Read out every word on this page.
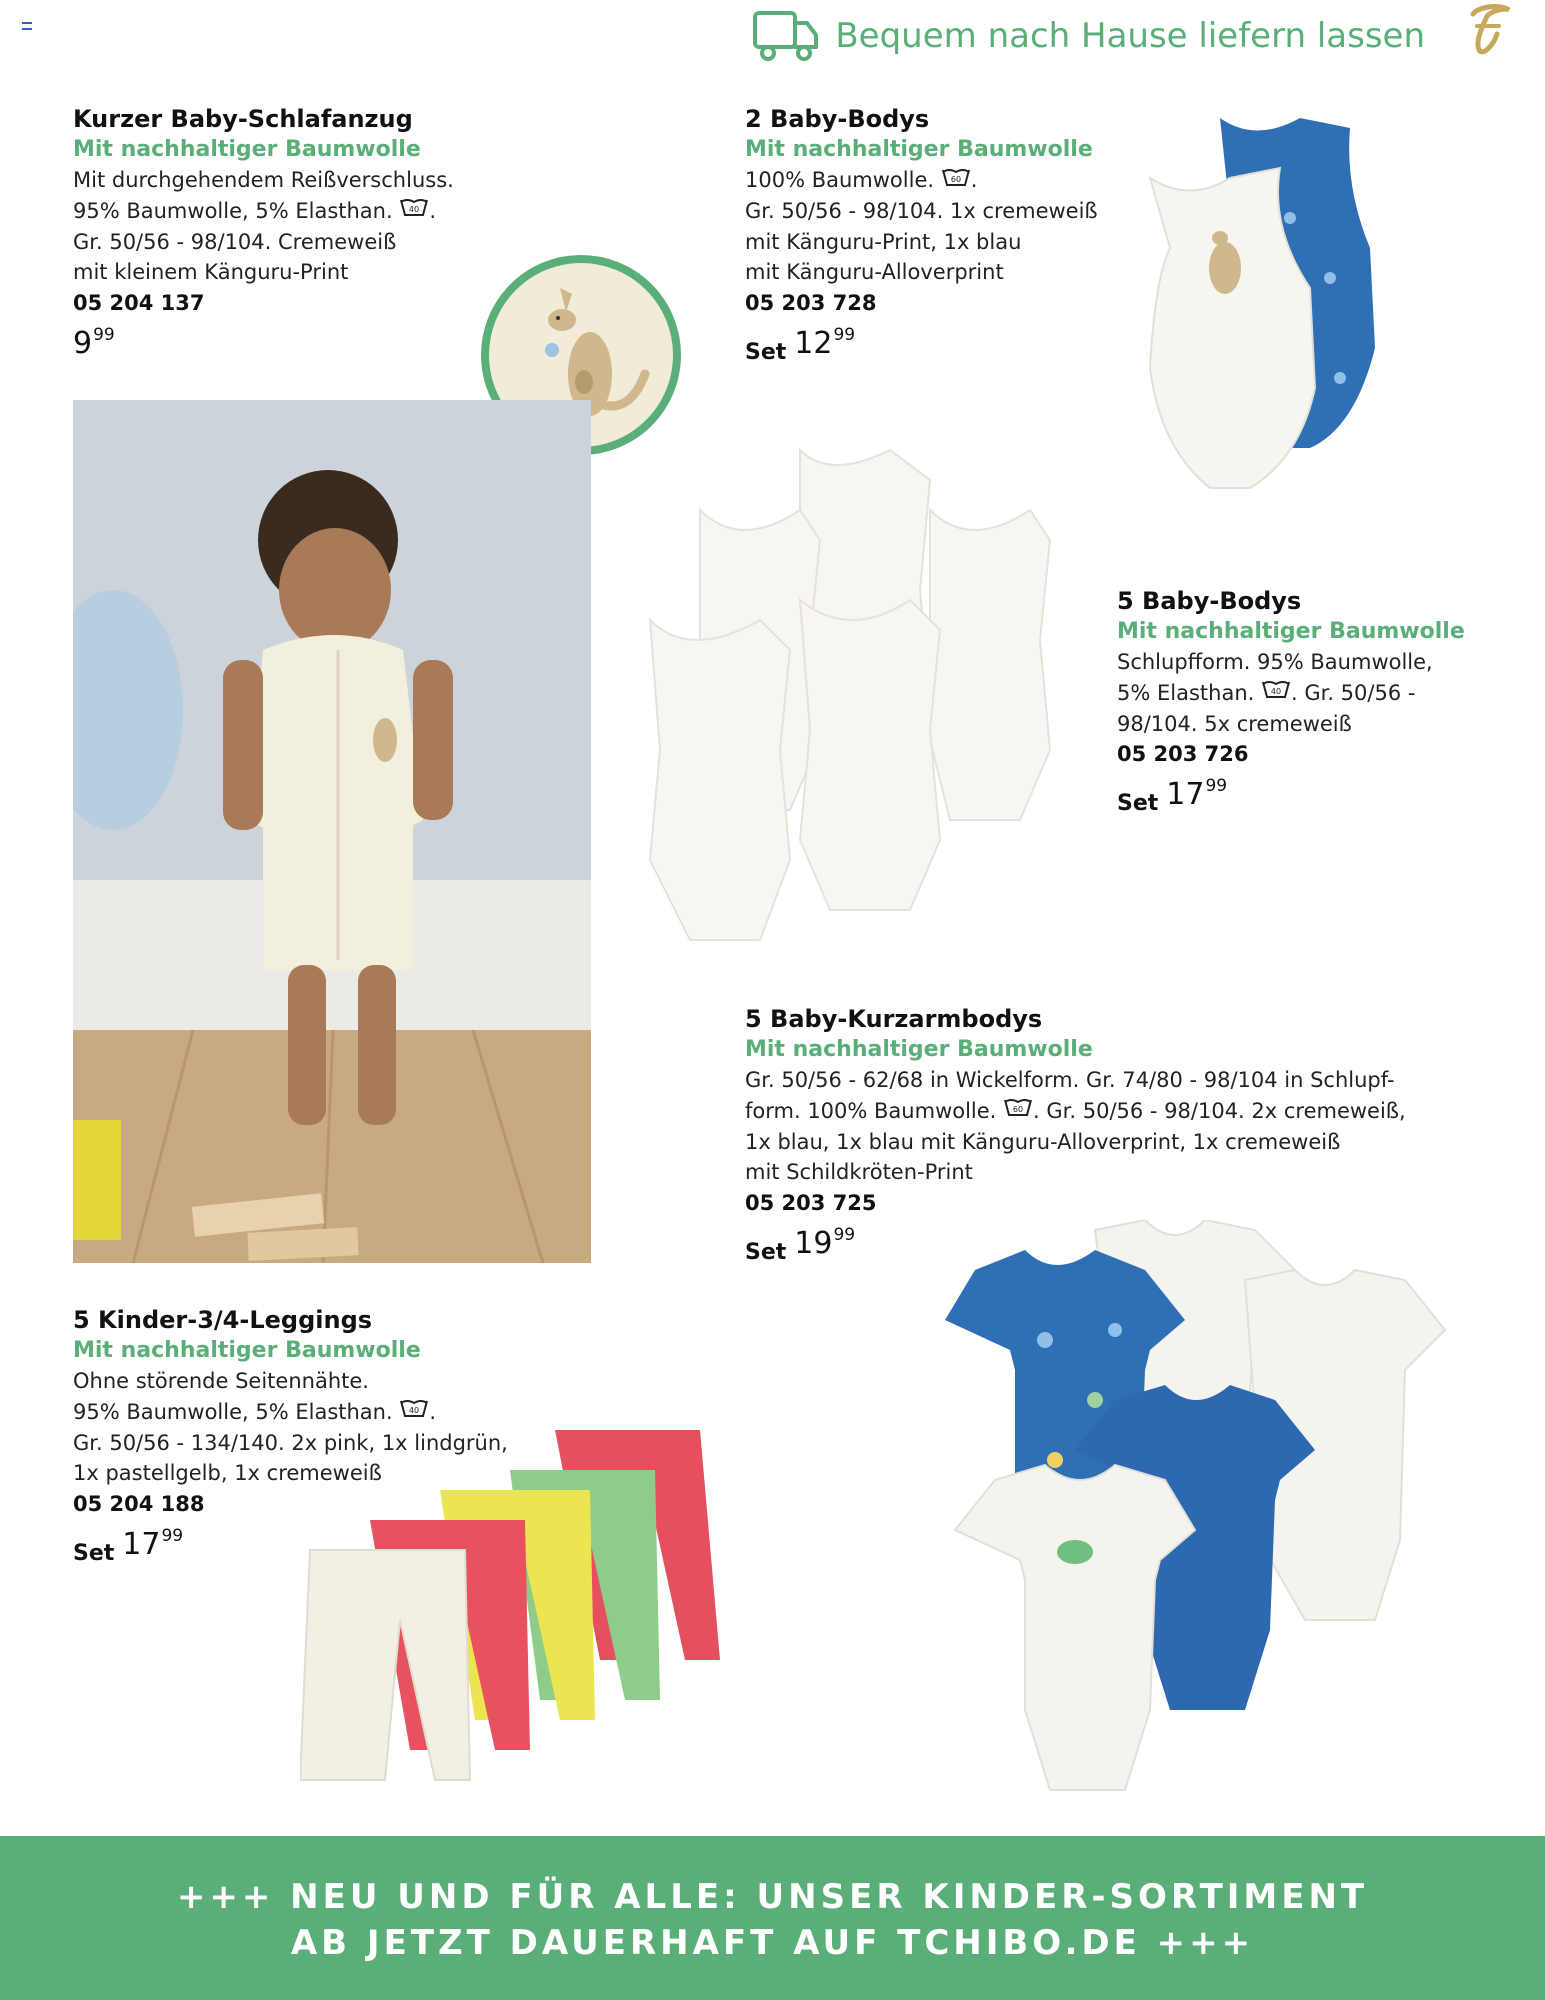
Bequem nach Hause liefern lassen
Kurzer Baby-Schlafanzug
Mit nachhaltiger Baumwolle
Mit durchgehendem Reißverschluss.
95% Baumwolle, 5% Elasthan. 40 .
Gr. 50/56 - 98/104. Cremeweiß
mit kleinem Känguru-Print
05 204 137
9 99
2 Baby-Bodys
Mit nachhaltiger Baumwolle
100% Baumwolle. 60 .
Gr. 50/56 - 98/104. 1x cremeweiß
mit Känguru-Print, 1x blau
mit Känguru-Alloverprint
05 203 728
Set 12 99
5 Baby-Bodys
Mit nachhaltiger Baumwolle
Schlupfform. 95% Baumwolle,
5% Elasthan. 40 . Gr. 50/56 -
98/104. 5x cremeweiß
05 203 726
Set 17 99
5 Baby-Kurzarmbodys
Mit nachhaltiger Baumwolle
Gr. 50/56 - 62/68 in Wickelform. Gr. 74/80 - 98/104 in Schlupf-
form. 100% Baumwolle. 60 . Gr. 50/56 - 98/104. 2x cremeweiß,
1x blau, 1x blau mit Känguru-Alloverprint, 1x cremeweiß
mit Schildkröten-Print
05 203 725
Set 19 99
5 Kinder-3/4-Leggings
Mit nachhaltiger Baumwolle
Ohne störende Seitennähte.
95% Baumwolle, 5% Elasthan. 40 .
Gr. 50/56 - 134/140. 2x pink, 1x lindgrün,
1x pastellgelb, 1x cremeweiß
05 204 188
Set 17 99
+++ NEU UND FÜR ALLE: UNSER KINDER-SORTIMENT
AB JETZT DAUERHAFT AUF TCHIBO.DE +++
